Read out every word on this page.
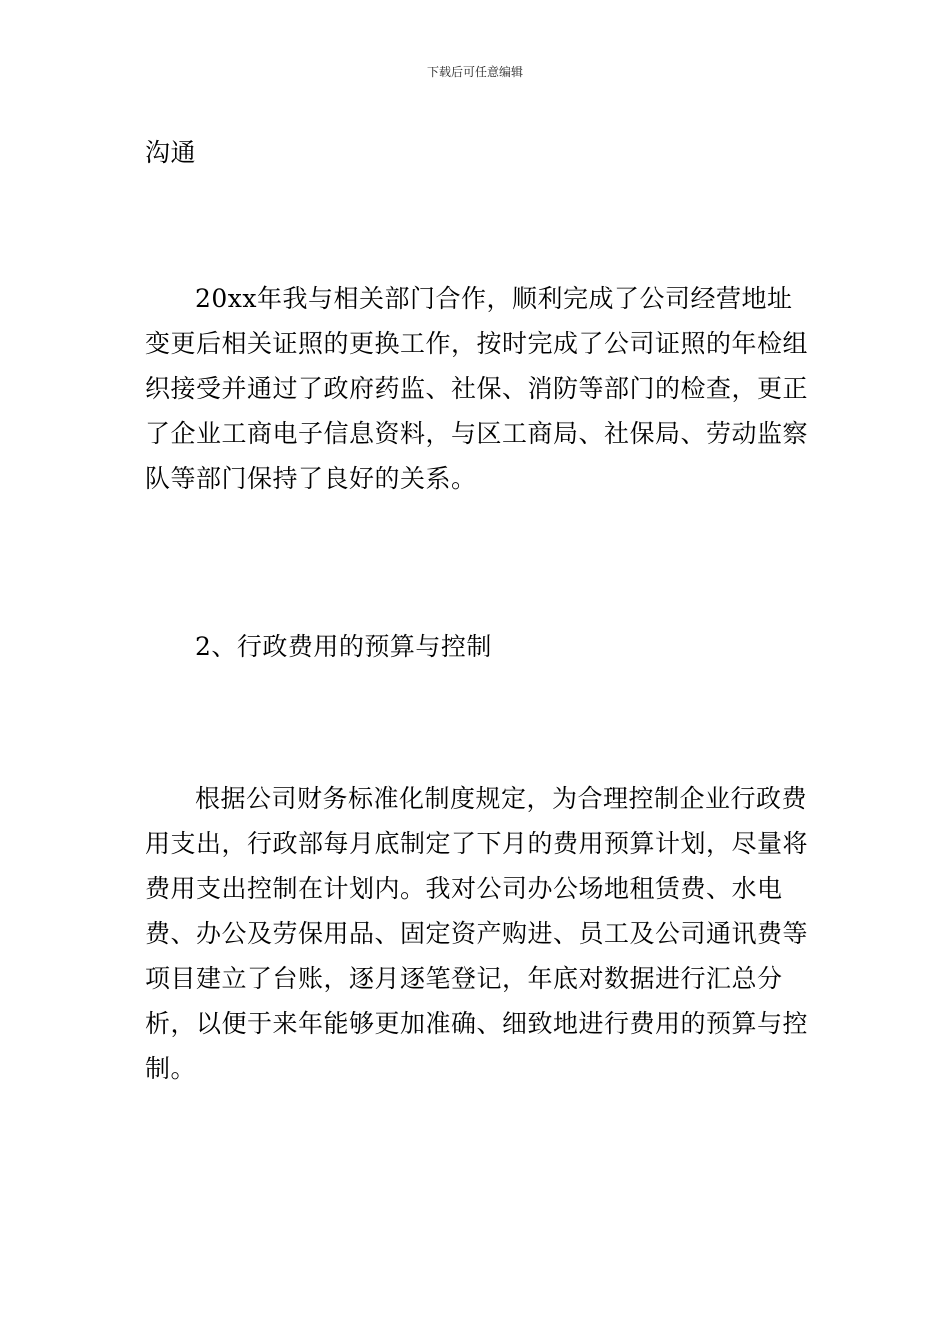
下载后可任意编辑
沟通
20xx年我与相关部门合作，顺利完成了公司经营地址变更后相关证照的更换工作，按时完成了公司证照的年检组织接受并通过了政府药监、社保、消防等部门的检查，更正了企业工商电子信息资料，与区工商局、社保局、劳动监察队等部门保持了良好的关系。
2、行政费用的预算与控制
根据公司财务标准化制度规定，为合理控制企业行政费用支出，行政部每月底制定了下月的费用预算计划，尽量将费用支出控制在计划内。我对公司办公场地租赁费、水电费、办公及劳保用品、固定资产购进、员工及公司通讯费等项目建立了台账，逐月逐笔登记，年底对数据进行汇总分析，以便于来年能够更加准确、细致地进行费用的预算与控制。
